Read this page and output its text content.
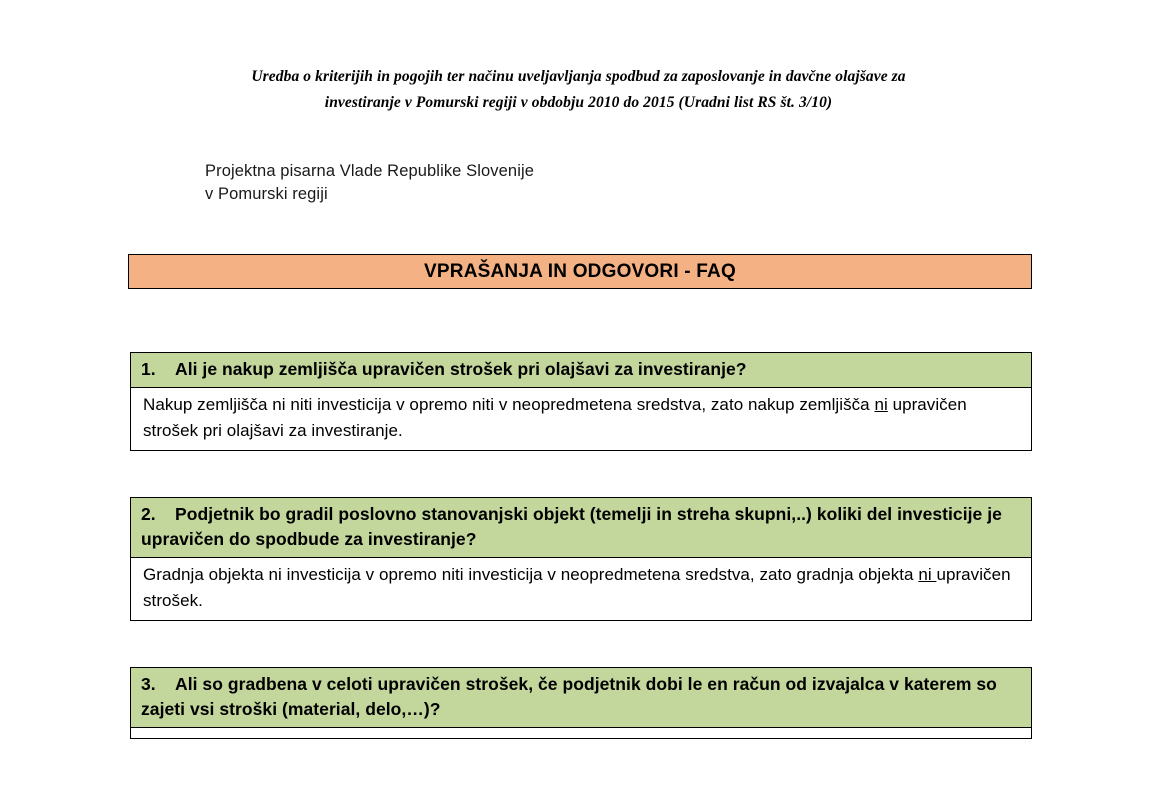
Uredba o kriterijih in pogojih ter načinu uveljavljanja spodbud za zaposlovanje in davčne olajšave za
investiranje v Pomurski regiji v obdobju 2010 do 2015 (Uradni list RS št. 3/10)
Projektna pisarna Vlade Republike Slovenije
v Pomurski regiji
VPRAŠANJA IN ODGOVORI - FAQ
1. Ali je nakup zemljišča upravičen strošek pri olajšavi za investiranje?
Nakup zemljišča ni niti investicija v opremo niti v neopredmetena sredstva, zato nakup zemljišča ni upravičen strošek pri olajšavi za investiranje.
2. Podjetnik bo gradil poslovno stanovanjski objekt (temelji in streha skupni,..) koliki del investicije je upravičen do spodbude za investiranje?
Gradnja objekta ni investicija v opremo niti investicija v neopredmetena sredstva, zato gradnja objekta ni upravičen strošek.
3. Ali so gradbena v celoti upravičen strošek, če podjetnik dobi le en račun od izvajalca v katerem so zajeti vsi stroški (material, delo,…)?
